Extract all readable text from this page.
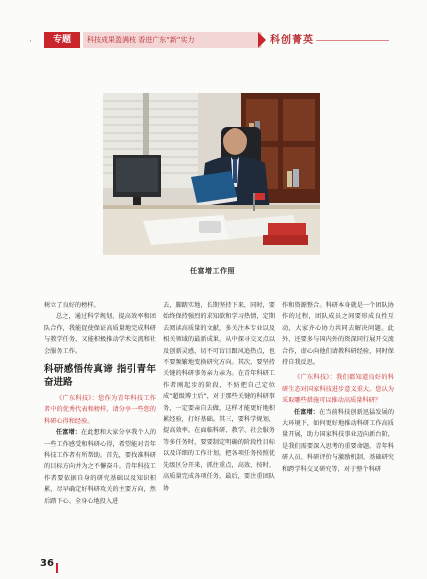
专题	科技成果盈满枝 香进广东“新”实力	科创菁英
任富增工作照

树立了良好的榜样。

总之，通过科学规划、提高效率和团队合作，我能促使保证高质量地完成科研与教学任务，又能积极推动学术交流和社会服务工作。

科研感悟传真谛 指引青年奋进路

《广东科技》：您作为青年科技工作者中的优秀代表和榜样，请分享一些您的科研心得和经验。

任富增：在此想和大家分享我个人的一些工作感受和科研心得，希望能对青年科技工作者有所帮助。首先，要找准科研的目标方向并为之不懈奋斗。青年科技工作者要依据自身的研究基础以及知识积累，尽早确定好科研攻关的主要方向，然后踏下心、全身心地投入进

去，脚踏实地，长期坚持下来，同时，要始终保持强烈的求知欲和学习热情，定期去阅读高质量的文献，多关注本专业以及相关领域的最新成果，从中探寻交叉点以及创新灵感，切不可盲目跟风追热点，也不要频繁地变换研究方向。其次，要坚持关键的科研事务亲力亲为。在青年科研工作者刚起步的阶段，不妨把自己定位成“超级博士后”，对于那些关键的科研事务，一定要亲自去做，这样才能更好地积累经验，打好基础。其三，要科学规划，提高效率。在面临科研、教学、社会服务等多任务时，要要制定明确的阶段性目标以及详细的工作计划，把各项任务按照优先级区分开来，抓住重点，高效、按时、高质量完成各项任务，最后，要注重团队协

作和资源整合。科研本身就是一个团队协作的过程，团队成员之间要形成良性互动，大家齐心协力共同去解决问题。此外，还要多与国内外的资深同行展开交流合作，虚心向他们请教科研经验，同时保持自我反思。

《广东科技》：我们都知道良好的科研生态对国家科技进步意义重大。您认为采取哪些措施可以推动高质量科研？

任富增：在当前科技创新迅猛发展的大环境下，如何更好地推动科研工作高质量开展，助力国家科技事业迈向新台阶，是我们需要深入思考的重要命题。青年科研人员、科研评价与激励机制、基础研究和跨学科交叉研究等，对于整个科研

36
